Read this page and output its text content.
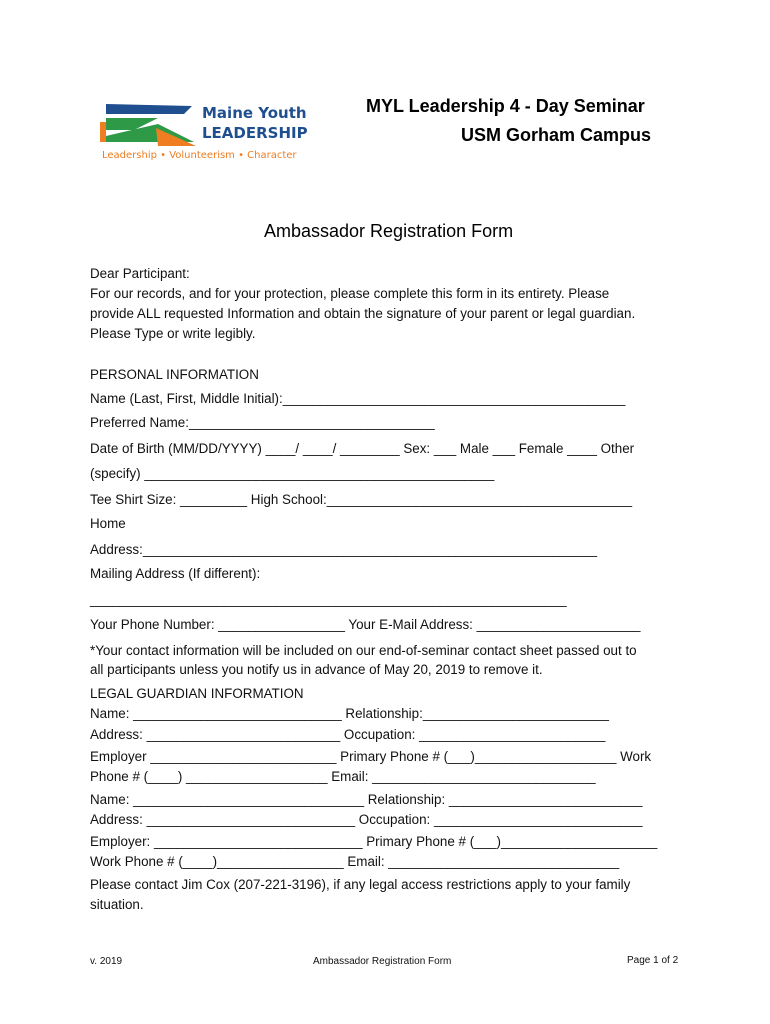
Maine Youth
LEADERSHIP
Leadership • Volunteerism • Character
MYL Leadership 4 - Day Seminar
USM Gorham Campus
Ambassador Registration Form
Dear Participant:
For our records, and for your protection, please complete this form in its entirety. Please
provide ALL requested Information and obtain the signature of your parent or legal guardian.
Please Type or write legibly.
PERSONAL INFORMATION
Name (Last, First, Middle Initial):______________________________________________
Preferred Name:_________________________________
Date of Birth (MM/DD/YYYY) ____/ ____/ ________ Sex: ___ Male ___ Female ____ Other
(specify) _______________________________________________
Tee Shirt Size: _________ High School:_________________________________________
Home
Address:_____________________________________________________________
Mailing Address (If different):
________________________________________________________________
Your Phone Number: _________________ Your E-Mail Address: ______________________
*Your contact information will be included on our end-of-seminar contact sheet passed out to
all participants unless you notify us in advance of May 20, 2019 to remove it.
LEGAL GUARDIAN INFORMATION
Name: ____________________________ Relationship:_________________________
Address: __________________________ Occupation: _________________________
Employer _________________________ Primary Phone # (___)___________________ Work
Phone # (____) ___________________ Email: ______________________________
Name: _______________________________ Relationship: __________________________
Address: ____________________________ Occupation: ____________________________
Employer: ____________________________ Primary Phone # (___)_____________________
Work Phone # (____)_________________ Email: _______________________________
Please contact Jim Cox (207-221-3196), if any legal access restrictions apply to your family
situation.
v. 2019	Ambassador Registration Form	Page 1 of 2
